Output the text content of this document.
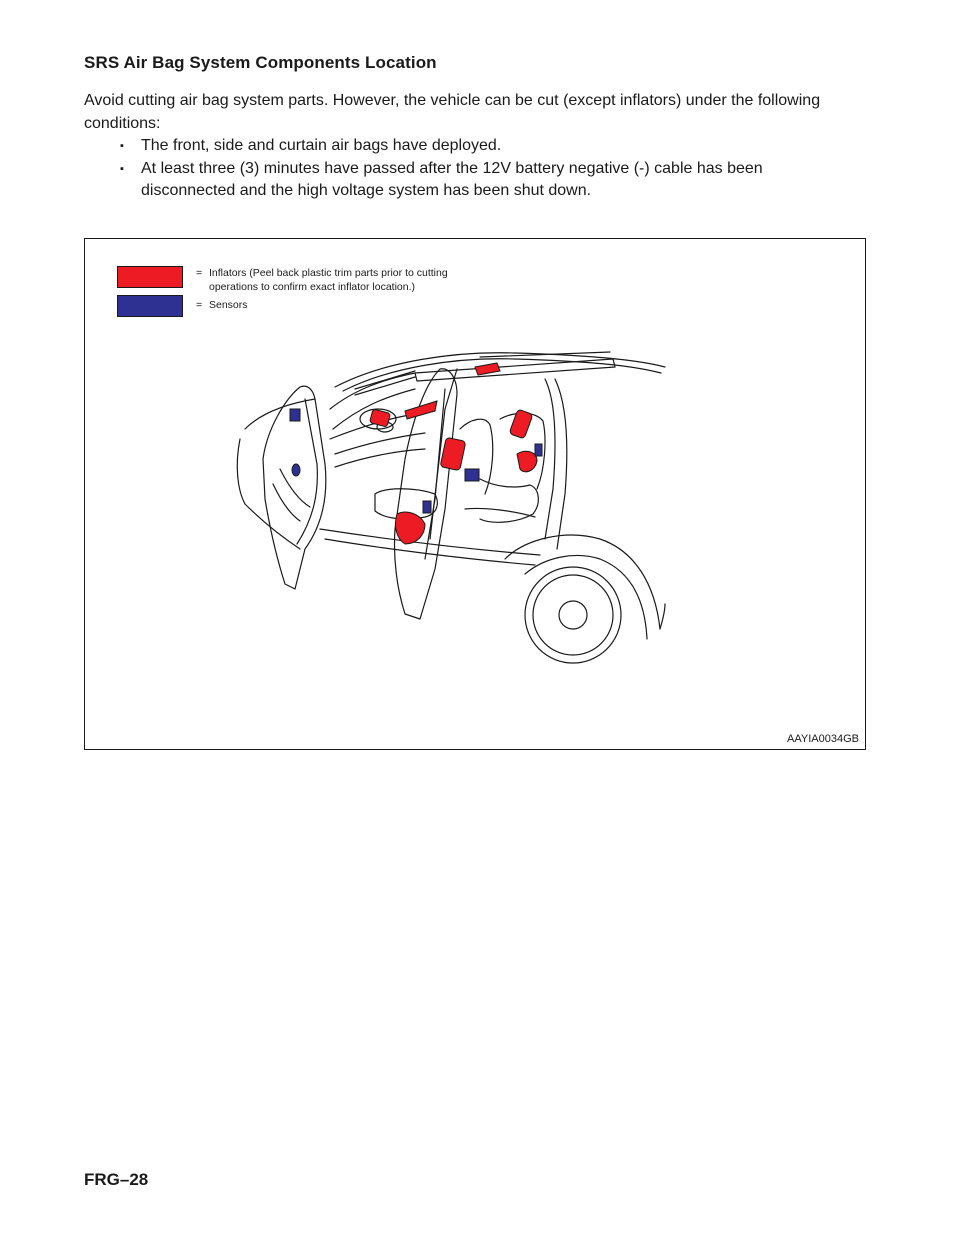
SRS Air Bag System Components Location
Avoid cutting air bag system parts. However, the vehicle can be cut (except inflators) under the following conditions:
▪ The front, side and curtain air bags have deployed.
▪ At least three (3) minutes have passed after the 12V battery negative (-) cable has been disconnected and the high voltage system has been shut down.
= Inflators (Peel back plastic trim parts prior to cutting
operations to confirm exact inflator location.)
= Sensors
AAYIA0034GB
FRG–28
